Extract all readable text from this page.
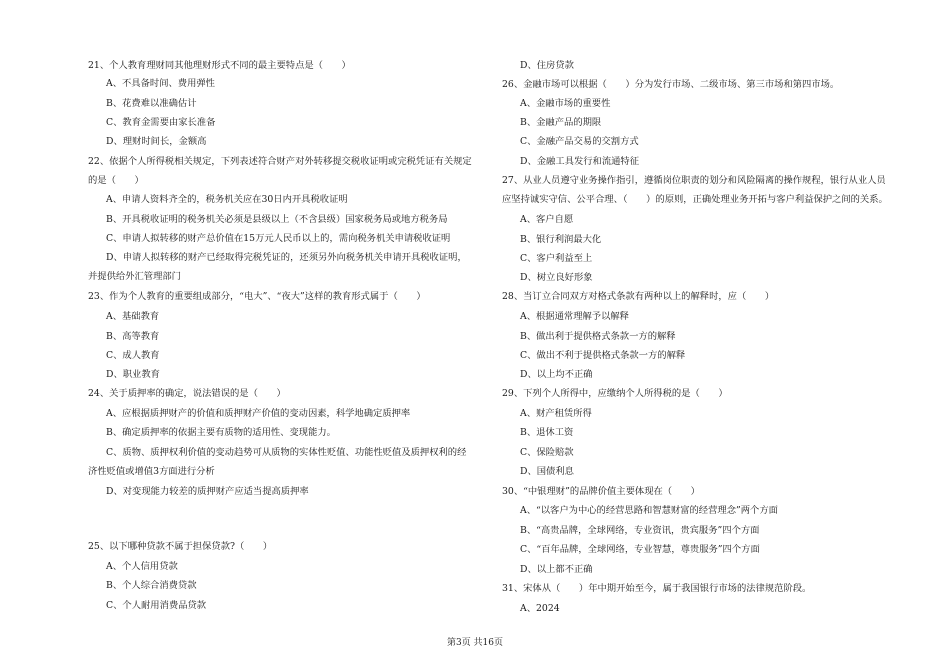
21、个人教育理财同其他理财形式不同的最主要特点是（　　）
A、不具备时间、费用弹性
B、花费难以准确估计
C、教育金需要由家长准备
D、理财时间长，金额高
22、依据个人所得税相关规定，下列表述符合财产对外转移提交税收证明或完税凭证有关规定
的是（　　）
A、申请人资料齐全的，税务机关应在30日内开具税收证明
B、开具税收证明的税务机关必须是县级以上（不含县级）国家税务局或地方税务局
C、申请人拟转移的财产总价值在15万元人民币以上的，需向税务机关申请税收证明
D、申请人拟转移的财产已经取得完税凭证的，还须另外向税务机关申请开具税收证明，
并提供给外汇管理部门
23、作为个人教育的重要组成部分，“电大”、“夜大”这样的教育形式属于（　　）
A、基础教育
B、高等教育
C、成人教育
D、职业教育
24、关于质押率的确定，说法错误的是（　　）
A、应根据质押财产的价值和质押财产价值的变动因素，科学地确定质押率
B、确定质押率的依据主要有质物的适用性、变现能力。
C、质物、质押权利价值的变动趋势可从质物的实体性贬值、功能性贬值及质押权利的经
济性贬值或增值3方面进行分析
D、对变现能力较差的质押财产应适当提高质押率
25、以下哪种贷款不属于担保贷款?（　　）
A、个人信用贷款
B、个人综合消费贷款
C、个人耐用消费品贷款
D、住房贷款
26、金融市场可以根据（　　）分为发行市场、二级市场、第三市场和第四市场。
A、金融市场的重要性
B、金融产品的期限
C、金融产品交易的交割方式
D、金融工具发行和流通特征
27、从业人员遵守业务操作指引，遵循岗位职责的划分和风险隔离的操作规程，银行从业人员
应坚持诚实守信、公平合理、（　　）的原则，正确处理业务开拓与客户利益保护之间的关系。
A、客户自愿
B、银行利润最大化
C、客户利益至上
D、树立良好形象
28、当订立合同双方对格式条款有两种以上的解释时，应（　　）
A、根据通常理解予以解释
B、做出利于提供格式条款一方的解释
C、做出不利于提供格式条款一方的解释
D、以上均不正确
29、下列个人所得中，应缴纳个人所得税的是（　　）
A、财产租赁所得
B、退休工资
C、保险赔款
D、国债利息
30、“中银理财”的品牌价值主要体现在（　　）
A、“以客户为中心的经营思路和智慧财富的经营理念”两个方面
B、“高贵品牌，全球网络，专业资讯，贵宾服务”四个方面
C、“百年品牌，全球网络，专业智慧，尊贵服务”四个方面
D、以上都不正确
31、宋体从（　　）年中期开始至今，属于我国银行市场的法律规范阶段。
A、2024
第3页 共16页
